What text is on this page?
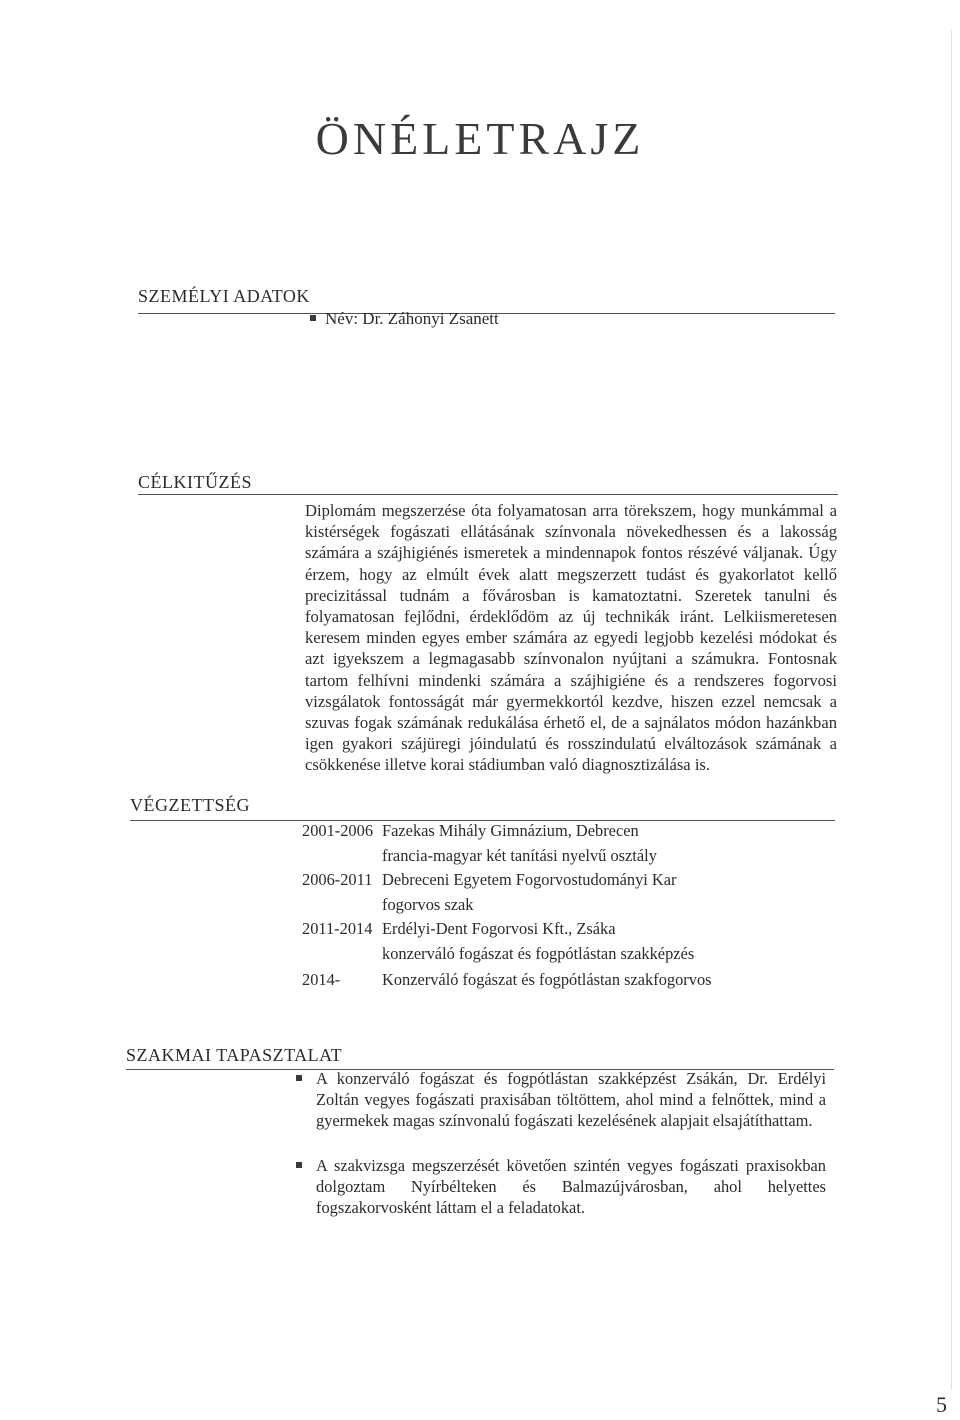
ÖNÉLETRAJZ
SZEMÉLYI ADATOK
Név: Dr. Záhonyi Zsanett
CÉLKITŰZÉS
Diplomám megszerzése óta folyamatosan arra törekszem, hogy munkámmal a kistérségek fogászati ellátásának színvonala növekedhessen és a lakosság számára a szájhigiénés ismeretek a mindennapok fontos részévé váljanak. Úgy érzem, hogy az elmúlt évek alatt megszerzett tudást és gyakorlatot kellő precizitással tudnám a fővárosban is kamatoztatni. Szeretek tanulni és folyamatosan fejlődni, érdeklődöm az új technikák iránt. Lelkiismeretesen keresem minden egyes ember számára az egyedi legjobb kezelési módokat és azt igyekszem a legmagasabb színvonalon nyújtani a számukra. Fontosnak tartom felhívni mindenki számára a szájhigiéne és a rendszeres fogorvosi vizsgálatok fontosságát már gyermekkortól kezdve, hiszen ezzel nemcsak a szuvas fogak számának redukálása érhető el, de a sajnálatos módon hazánkban igen gyakori szájüregi jóindulatú és rosszindulatú elváltozások számának a csökkenése illetve korai stádiumban való diagnosztizálása is.
VÉGZETTSÉG
2001-2006 Fazekas Mihály Gimnázium, Debrecen
francia-magyar két tanítási nyelvű osztály
2006-2011 Debreceni Egyetem Fogorvostudományi Kar
fogorvos szak
2011-2014 Erdélyi-Dent Fogorvosi Kft., Zsáka
konzerváló fogászat és fogpótlástan szakképzés
2014-	Konzerváló fogászat és fogpótlástan szakfogorvos
SZAKMAI TAPASZTALAT
A konzerváló fogászat és fogpótlástan szakképzést Zsákán, Dr. Erdélyi Zoltán vegyes fogászati praxisában töltöttem, ahol mind a felnőttek, mind a gyermekek magas színvonalú fogászati kezelésének alapjait elsajátíthattam.
A szakvizsga megszerzését követően szintén vegyes fogászati praxisokban dolgoztam Nyírbélteken és Balmazújvárosban, ahol helyettes fogszakorvosként láttam el a feladatokat.
5
